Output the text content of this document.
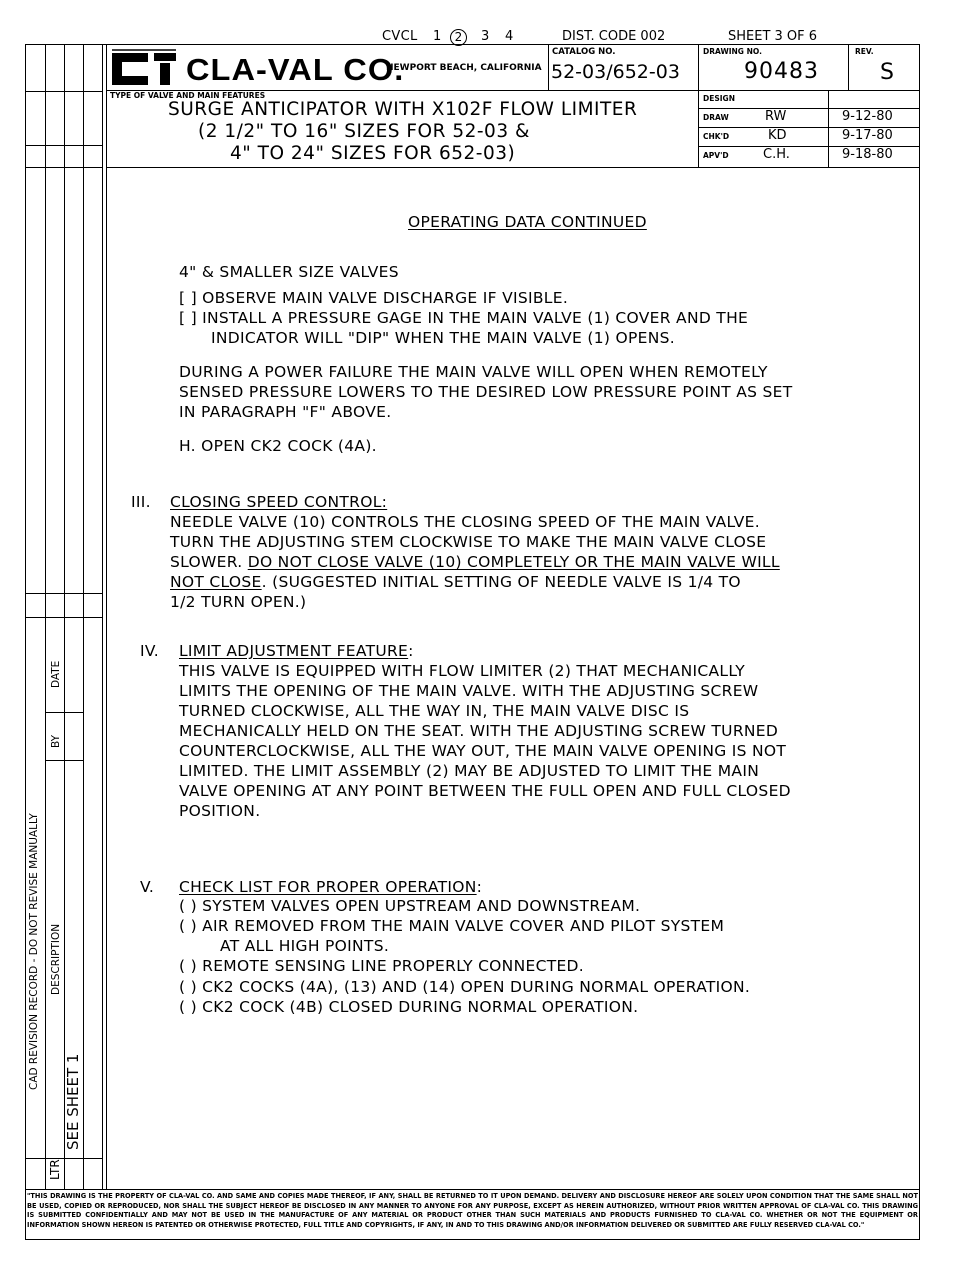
CVCL 1	2	3 4	DIST. CODE 002	SHEET 3 OF 6
CAD REVISION RECORD - DO NOT REVISE MANUALLY DESCRIPTION
BY
DATE
LTR
SEE SHEET 1
CLA-VAL CO.
NEWPORT BEACH, CALIFORNIA
CATALOG NO.
52-03/652-03
DRAWING NO.
90483
REV.
S
TYPE OF VALVE AND MAIN FEATURES
SURGE ANTICIPATOR WITH X102F FLOW LIMITER
(2 1/2" TO 16" SIZES FOR 52-03 &
4" TO 24" SIZES FOR 652-03)
DESIGN
DRAW	RW	9-12-80
CHK'D	KD	9-17-80
APV'D	C.H.	9-18-80
OPERATING DATA CONTINUED
4" & SMALLER SIZE VALVES
[ ] OBSERVE MAIN VALVE DISCHARGE IF VISIBLE.
[ ] INSTALL A PRESSURE GAGE IN THE MAIN VALVE (1) COVER AND THE
INDICATOR WILL "DIP" WHEN THE MAIN VALVE (1) OPENS.
DURING A POWER FAILURE THE MAIN VALVE WILL OPEN WHEN REMOTELY
SENSED PRESSURE LOWERS TO THE DESIRED LOW PRESSURE POINT AS SET
IN PARAGRAPH "F" ABOVE.
H. OPEN CK2 COCK (4A).
III. CLOSING SPEED CONTROL:
NEEDLE VALVE (10) CONTROLS THE CLOSING SPEED OF THE MAIN VALVE.
TURN THE ADJUSTING STEM CLOCKWISE TO MAKE THE MAIN VALVE CLOSE
SLOWER. DO NOT CLOSE VALVE (10) COMPLETELY OR THE MAIN VALVE WILL
NOT CLOSE. (SUGGESTED INITIAL SETTING OF NEEDLE VALVE IS 1/4 TO
1/2 TURN OPEN.)
IV. LIMIT ADJUSTMENT FEATURE:
THIS VALVE IS EQUIPPED WITH FLOW LIMITER (2) THAT MECHANICALLY
LIMITS THE OPENING OF THE MAIN VALVE. WITH THE ADJUSTING SCREW
TURNED CLOCKWISE, ALL THE WAY IN, THE MAIN VALVE DISC IS
MECHANICALLY HELD ON THE SEAT. WITH THE ADJUSTING SCREW TURNED
COUNTERCLOCKWISE, ALL THE WAY OUT, THE MAIN VALVE OPENING IS NOT
LIMITED. THE LIMIT ASSEMBLY (2) MAY BE ADJUSTED TO LIMIT THE MAIN
VALVE OPENING AT ANY POINT BETWEEN THE FULL OPEN AND FULL CLOSED
POSITION.
V. CHECK LIST FOR PROPER OPERATION:
( ) SYSTEM VALVES OPEN UPSTREAM AND DOWNSTREAM.
( ) AIR REMOVED FROM THE MAIN VALVE COVER AND PILOT SYSTEM
AT ALL HIGH POINTS.
( ) REMOTE SENSING LINE PROPERLY CONNECTED.
( ) CK2 COCKS (4A), (13) AND (14) OPEN DURING NORMAL OPERATION.
( ) CK2 COCK (4B) CLOSED DURING NORMAL OPERATION.
"THIS DRAWING IS THE PROPERTY OF CLA-VAL CO. AND SAME AND COPIES MADE THEREOF, IF ANY, SHALL BE RETURNED TO IT UPON DEMAND. DELIVERY AND DISCLOSURE HEREOF ARE SOLELY UPON CONDITION THAT THE SAME SHALL NOT BE USED, COPIED OR REPRODUCED, NOR SHALL THE SUBJECT HEREOF BE DISCLOSED IN ANY MANNER TO ANYONE FOR ANY PURPOSE, EXCEPT AS HEREIN AUTHORIZED, WITHOUT PRIOR WRITTEN APPROVAL OF CLA-VAL CO. THIS DRAWING IS SUBMITTED CONFIDENTIALLY AND MAY NOT BE USED IN THE MANUFACTURE OF ANY MATERIAL OR PRODUCT OTHER THAN SUCH MATERIALS AND PRODUCTS FURNISHED TO CLA-VAL CO. WHETHER OR NOT THE EQUIPMENT OR INFORMATION SHOWN HEREON IS PATENTED OR OTHERWISE PROTECTED, FULL TITLE AND COPYRIGHTS, IF ANY, IN AND TO THIS DRAWING AND/OR INFORMATION DELIVERED OR SUBMITTED ARE FULLY RESERVED CLA-VAL CO."
